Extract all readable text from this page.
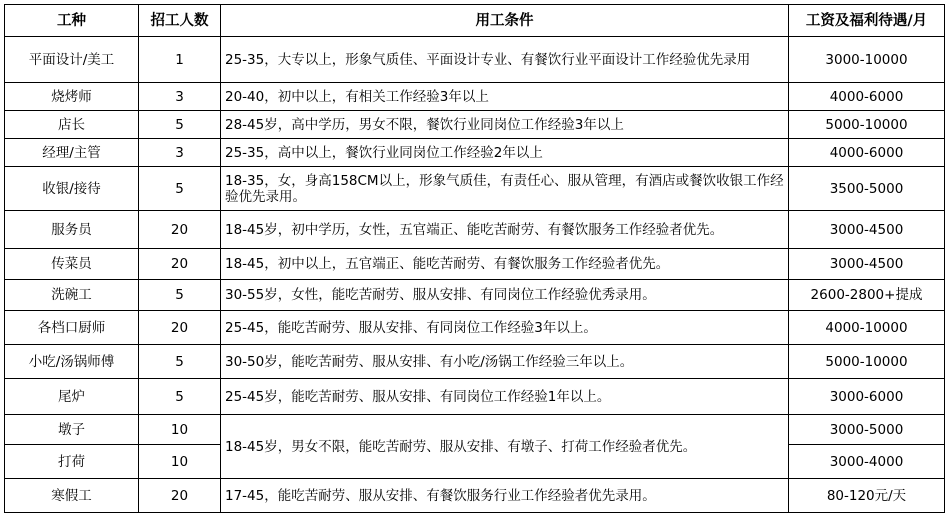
工种	招工人数	用工条件	工资及福利待遇/月
平面设计/美工	1	25-35，大专以上，形象气质佳、平面设计专业、有餐饮行业平面设计工作经验优先录用	3000-10000
烧烤师	3	20-40，初中以上，有相关工作经验3年以上	4000-6000
店长	5	28-45岁，高中学历，男女不限，餐饮行业同岗位工作经验3年以上	5000-10000
经理/主管	3	25-35，高中以上，餐饮行业同岗位工作经验2年以上	4000-6000
收银/接待	5	18-35，女，身高158CM以上，形象气质佳，有责任心、服从管理，有酒店或餐饮收银工作经验优先录用。	3500-5000
服务员	20	18-45岁，初中学历，女性，五官端正、能吃苦耐劳、有餐饮服务工作经验者优先。	3000-4500
传菜员	20	18-45，初中以上，五官端正、能吃苦耐劳、有餐饮服务工作经验者优先。	3000-4500
洗碗工	5	30-55岁，女性，能吃苦耐劳、服从安排、有同岗位工作经验优秀录用。	2600-2800+提成
各档口厨师	20	25-45，能吃苦耐劳、服从安排、有同岗位工作经验3年以上。	4000-10000
小吃/汤锅师傅	5	30-50岁，能吃苦耐劳、服从安排、有小吃/汤锅工作经验三年以上。	5000-10000
尾炉	5	25-45岁，能吃苦耐劳、服从安排、有同岗位工作经验1年以上。	3000-6000
墩子	10	18-45岁，男女不限，能吃苦耐劳、服从安排、有墩子、打荷工作经验者优先。	3000-5000
打荷	10		3000-4000
寒假工	20	17-45，能吃苦耐劳、服从安排、有餐饮服务行业工作经验者优先录用。	80-120元/天
